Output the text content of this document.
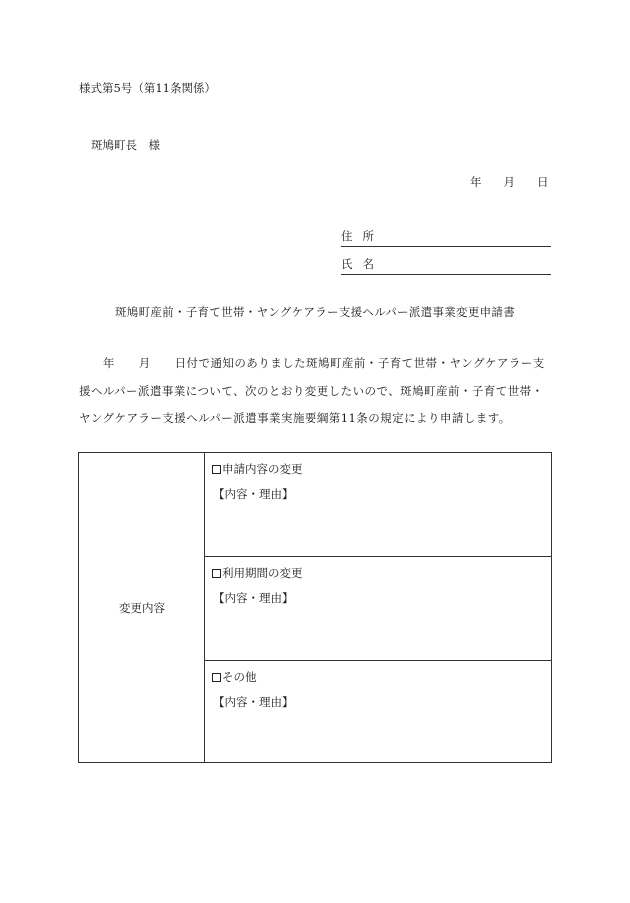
様式第5号（第11条関係）
斑鳩町長　様
年 月 日
住所
氏名
斑鳩町産前・子育て世帯・ヤングケアラー支援ヘルパー派遣事業変更申請書
　　年　　月　　日付で通知のありました斑鳩町産前・子育て世帯・ヤングケアラー支援ヘルパー派遣事業について、次のとおり変更したいので、斑鳩町産前・子育て世帯・ヤングケアラー支援ヘルパー派遣事業実施要綱第11条の規定により申請します。
変更内容
申請内容の変更
【内容・理由】
利用期間の変更
【内容・理由】
その他
【内容・理由】
